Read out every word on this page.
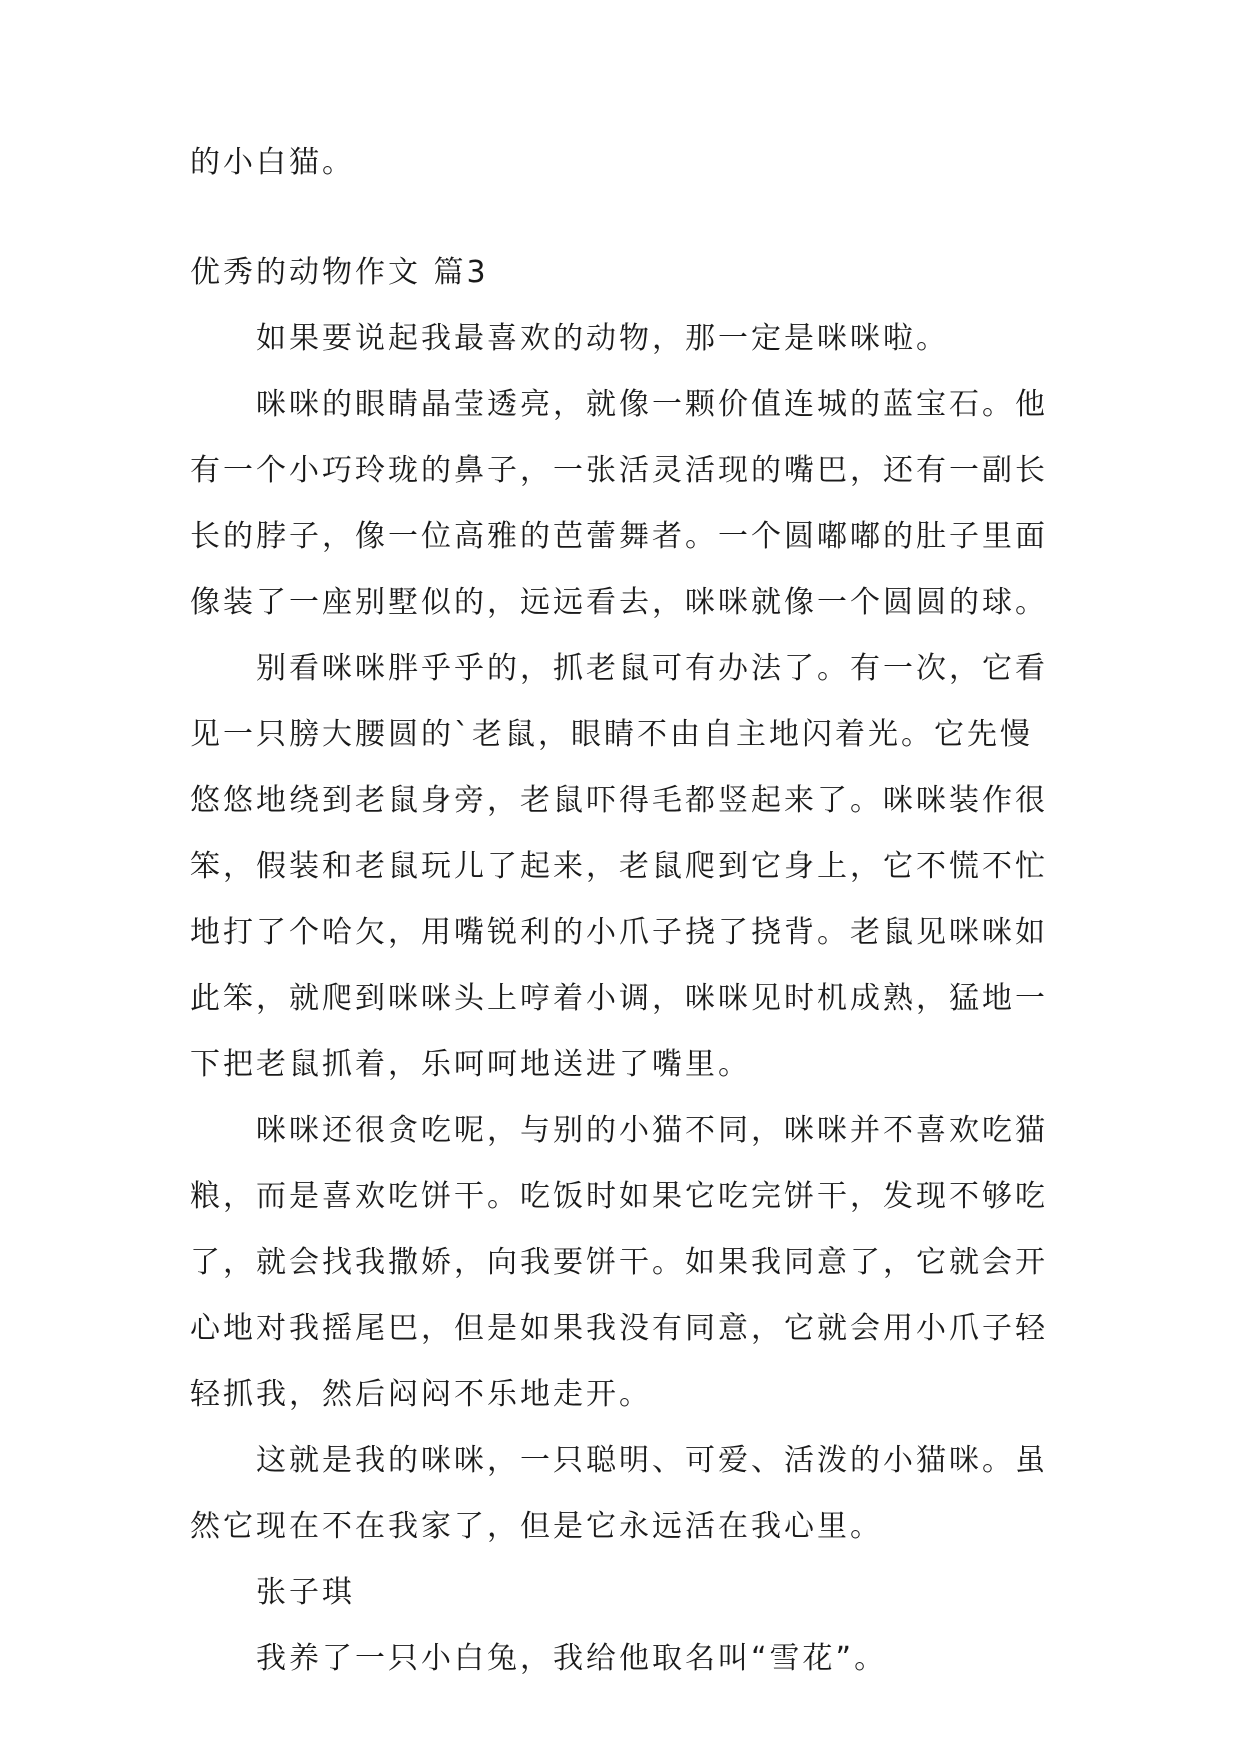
的小白猫。
优秀的动物作文 篇3
如果要说起我最喜欢的动物，那一定是咪咪啦。
咪咪的眼睛晶莹透亮，就像一颗价值连城的蓝宝石。他
有一个小巧玲珑的鼻子，一张活灵活现的嘴巴，还有一副长
长的脖子，像一位高雅的芭蕾舞者。一个圆嘟嘟的肚子里面
像装了一座别墅似的，远远看去，咪咪就像一个圆圆的球。
别看咪咪胖乎乎的，抓老鼠可有办法了。有一次，它看
见一只膀大腰圆的`老鼠，眼睛不由自主地闪着光。它先慢
悠悠地绕到老鼠身旁，老鼠吓得毛都竖起来了。咪咪装作很
笨，假装和老鼠玩儿了起来，老鼠爬到它身上，它不慌不忙
地打了个哈欠，用嘴锐利的小爪子挠了挠背。老鼠见咪咪如
此笨，就爬到咪咪头上哼着小调，咪咪见时机成熟，猛地一
下把老鼠抓着，乐呵呵地送进了嘴里。
咪咪还很贪吃呢，与别的小猫不同，咪咪并不喜欢吃猫
粮，而是喜欢吃饼干。吃饭时如果它吃完饼干，发现不够吃
了，就会找我撒娇，向我要饼干。如果我同意了，它就会开
心地对我摇尾巴，但是如果我没有同意，它就会用小爪子轻
轻抓我，然后闷闷不乐地走开。
这就是我的咪咪，一只聪明、可爱、活泼的小猫咪。虽
然它现在不在我家了，但是它永远活在我心里。
张子琪
我养了一只小白兔，我给他取名叫“雪花”。
